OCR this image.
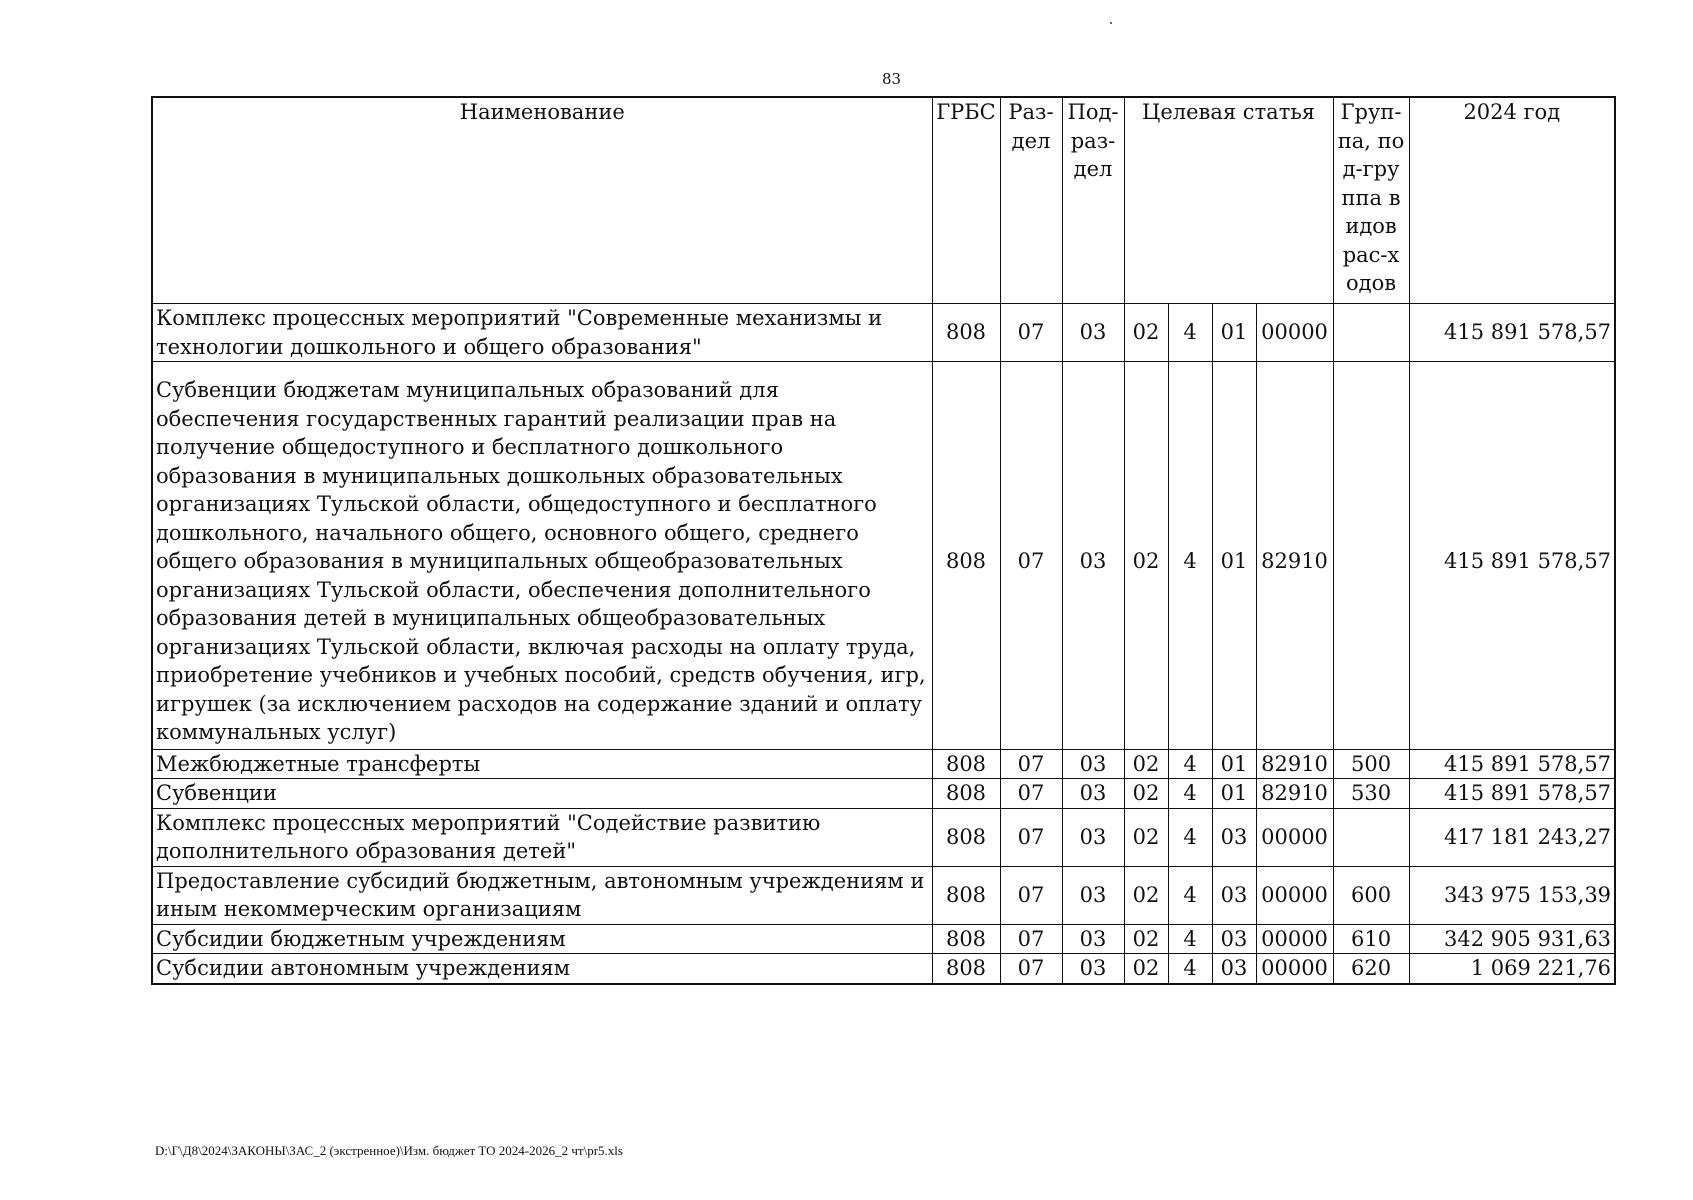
83
Наименование	ГРБС	Раз-дел	Под-раз-дел	Целевая статья				Груп-па, под-группа видов рас-ходов	2024 год
Комплекс процессных мероприятий "Современные механизмы и технологии дошкольного и общего образования"	808	07	03	02	4	01	00000		415 891 578,57
Субвенции бюджетам муниципальных образований для обеспечения государственных гарантий реализации прав на получение общедоступного и бесплатного дошкольного образования в муниципальных дошкольных образовательных организациях Тульской области, общедоступного и бесплатного дошкольного, начального общего, основного общего, среднего общего образования в муниципальных общеобразовательных организациях Тульской области, обеспечения дополнительного образования детей в муниципальных общеобразовательных организациях Тульской области, включая расходы на оплату труда, приобретение учебников и учебных пособий, средств обучения, игр, игрушек (за исключением расходов на содержание зданий и оплату коммунальных услуг)	808	07	03	02	4	01	82910		415 891 578,57
Межбюджетные трансферты	808	07	03	02	4	01	82910	500	415 891 578,57
Субвенции	808	07	03	02	4	01	82910	530	415 891 578,57
Комплекс процессных мероприятий "Содействие развитию дополнительного образования детей"	808	07	03	02	4	03	00000		417 181 243,27
Предоставление субсидий бюджетным, автономным учреждениям и иным некоммерческим организациям	808	07	03	02	4	03	00000	600	343 975 153,39
Субсидии бюджетным учреждениям	808	07	03	02	4	03	00000	610	342 905 931,63
Субсидии автономным учреждениям	808	07	03	02	4	03	00000	620	1 069 221,76
D:\Г\Д8\2024\ЗАКОНЫ\ЗАС_2 (экстренное)\Изм. бюджет ТО 2024-2026_2 чт\pr5.xls
